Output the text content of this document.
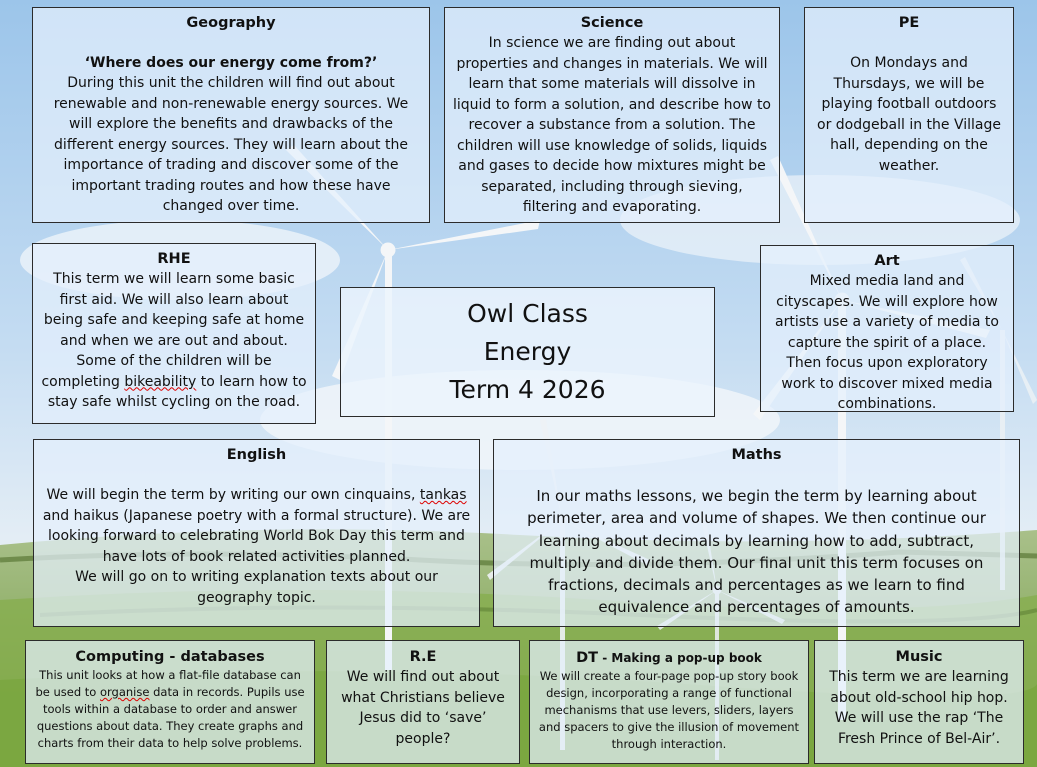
Geography
‘Where does our energy come from?’
During this unit the children will find out about renewable and non-renewable energy sources. We will explore the benefits and drawbacks of the different energy sources. They will learn about the importance of trading and discover some of the important trading routes and how these have changed over time.
Science
In science we are finding out about properties and changes in materials. We will learn that some materials will dissolve in liquid to form a solution, and describe how to recover a substance from a solution. The children will use knowledge of solids, liquids and gases to decide how mixtures might be separated, including through sieving, filtering and evaporating.
PE
On Mondays and Thursdays, we will be playing football outdoors or dodgeball in the Village hall, depending on the weather.
RHE
This term we will learn some basic first aid. We will also learn about being safe and keeping safe at home and when we are out and about. Some of the children will be completing bikeability to learn how to stay safe whilst cycling on the road.
Owl Class
Energy
Term 4 2026
Art
Mixed media land and cityscapes. We will explore how artists use a variety of media to capture the spirit of a place. Then focus upon exploratory work to discover mixed media combinations.
English
We will begin the term by writing our own cinquains, tankas and haikus (Japanese poetry with a formal structure). We are looking forward to celebrating World Bok Day this term and have lots of book related activities planned.
We will go on to writing explanation texts about our geography topic.
Maths
In our maths lessons, we begin the term by learning about perimeter, area and volume of shapes. We then continue our learning about decimals by learning how to add, subtract, multiply and divide them. Our final unit this term focuses on fractions, decimals and percentages as we learn to find equivalence and percentages of amounts.
Computing - databases
This unit looks at how a flat-file database can be used to organise data in records. Pupils use tools within a database to order and answer questions about data. They create graphs and charts from their data to help solve problems.
R.E
We will find out about what Christians believe Jesus did to ‘save’ people?
DT - Making a pop-up book
We will create a four-page pop-up story book design, incorporating a range of functional mechanisms that use levers, sliders, layers and spacers to give the illusion of movement through interaction.
Music
This term we are learning about old-school hip hop. We will use the rap ‘The Fresh Prince of Bel-Air’.
